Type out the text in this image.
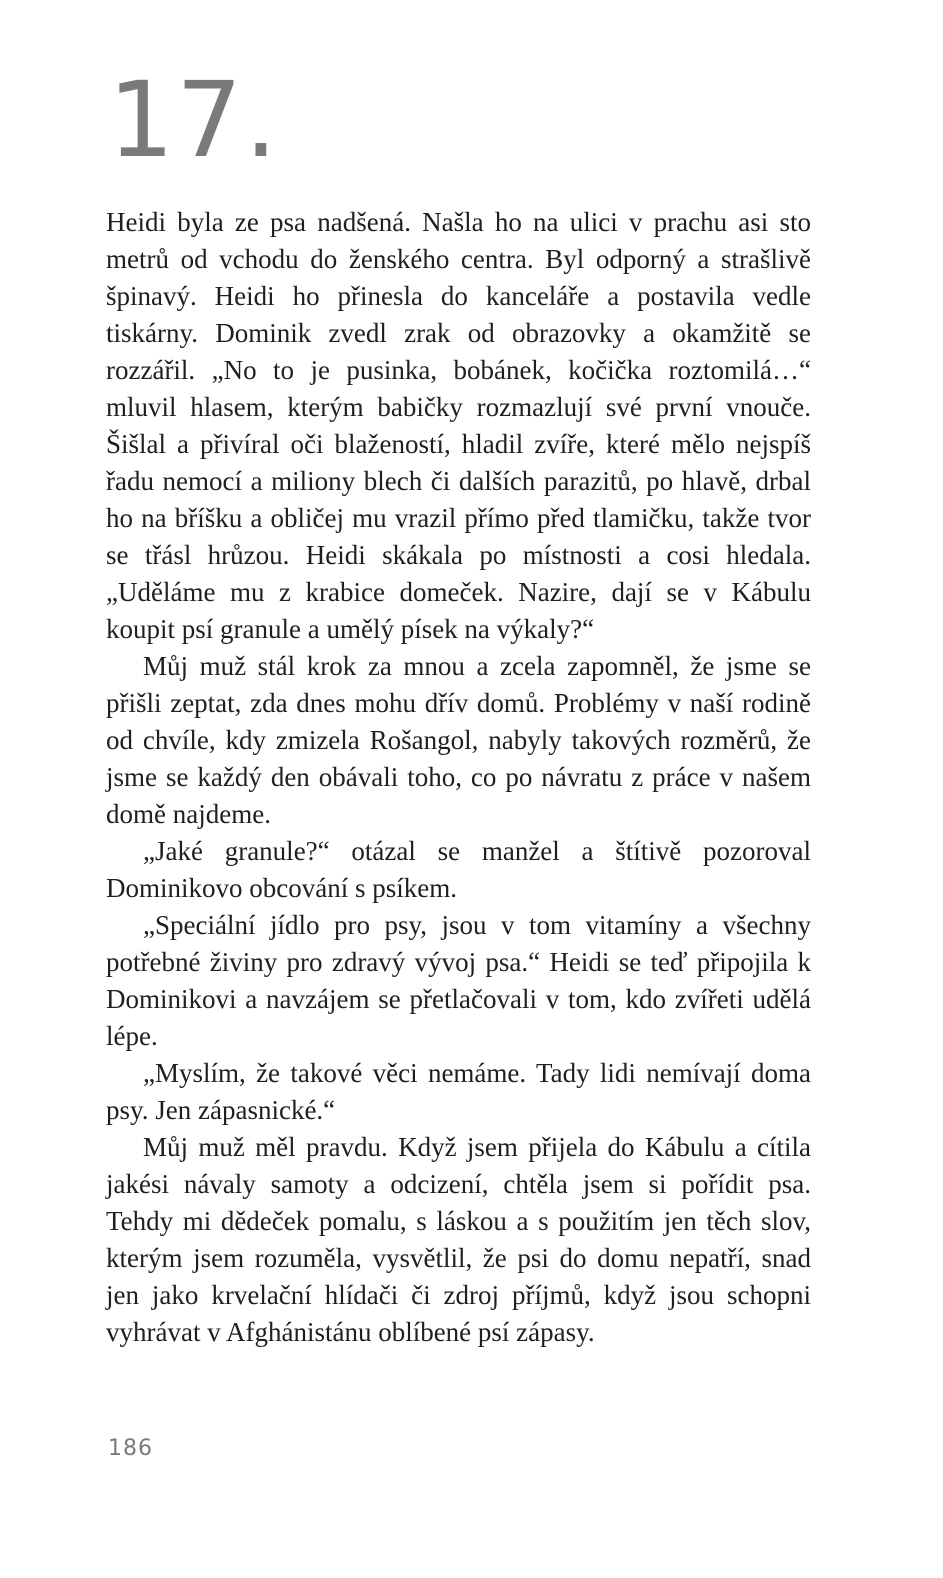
17.

Heidi byla ze psa nadšená. Našla ho na ulici v prachu asi sto metrů od vchodu do ženského centra. Byl odporný a strašlivě špinavý. Heidi ho přinesla do kanceláře a postavila vedle tiskárny. Dominik zvedl zrak od obrazovky a okamžitě se rozzářil. „No to je pusinka, bobánek, kočička roztomilá…“ mluvil hlasem, kterým babičky rozmazlují své první vnouče. Šišlal a přivíral oči blažeností, hladil zvíře, které mělo nejspíš řadu nemocí a miliony blech či dalších parazitů, po hlavě, drbal ho na bříšku a obličej mu vrazil přímo před tlamičku, takže tvor se třásl hrůzou. Heidi skákala po místnosti a cosi hledala. „Uděláme mu z krabice domeček. Nazire, dají se v Kábulu koupit psí granule a umělý písek na výkaly?“

Můj muž stál krok za mnou a zcela zapomněl, že jsme se přišli zeptat, zda dnes mohu dřív domů. Problémy v naší rodině od chvíle, kdy zmizela Rošangol, nabyly takových rozměrů, že jsme se každý den obávali toho, co po návratu z práce v našem domě najdeme.

„Jaké granule?“ otázal se manžel a štítivě pozoroval Dominikovo obcování s psíkem.

„Speciální jídlo pro psy, jsou v tom vitamíny a všechny potřebné živiny pro zdravý vývoj psa.“ Heidi se teď připojila k Dominikovi a navzájem se přetlačovali v tom, kdo zvířeti udělá lépe.

„Myslím, že takové věci nemáme. Tady lidi nemívají doma psy. Jen zápasnické.“

Můj muž měl pravdu. Když jsem přijela do Kábulu a cítila jakési návaly samoty a odcizení, chtěla jsem si pořídit psa. Tehdy mi dědeček pomalu, s láskou a s použitím jen těch slov, kterým jsem rozuměla, vysvětlil, že psi do domu nepatří, snad jen jako krvelační hlídači či zdroj příjmů, když jsou schopni vyhrávat v Afghánistánu oblíbené psí zápasy.

186
